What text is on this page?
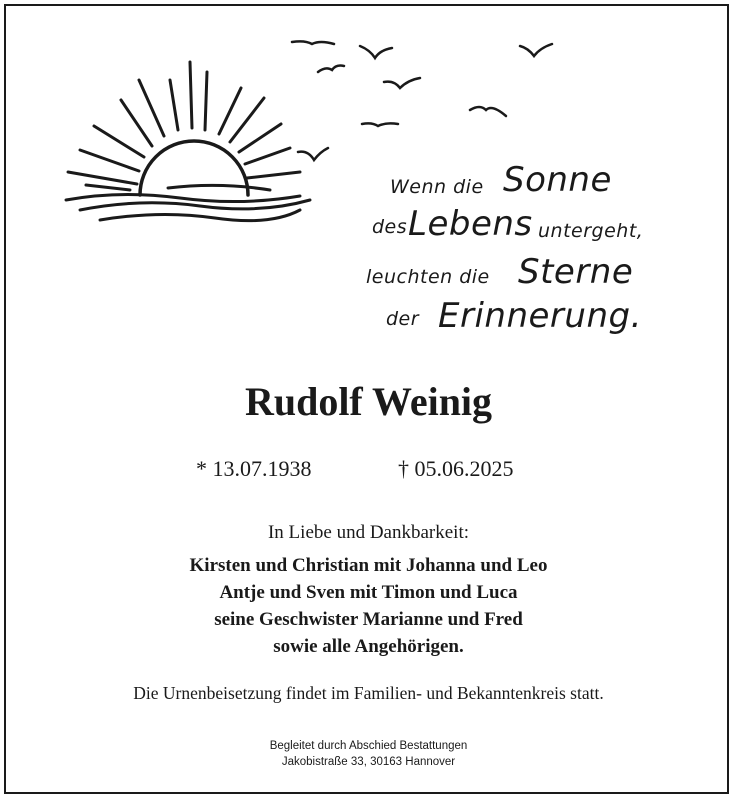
Wenn die Sonne
des Lebens untergeht,
leuchten die Sterne
der Erinnerung.
Rudolf Weinig
* 13.07.1938	† 05.06.2025
In Liebe und Dankbarkeit:
Kirsten und Christian mit Johanna und Leo
Antje und Sven mit Timon und Luca
seine Geschwister Marianne und Fred
sowie alle Angehörigen.
Die Urnenbeisetzung findet im Familien- und Bekanntenkreis statt.
Begleitet durch Abschied Bestattungen
Jakobistraße 33, 30163 Hannover
